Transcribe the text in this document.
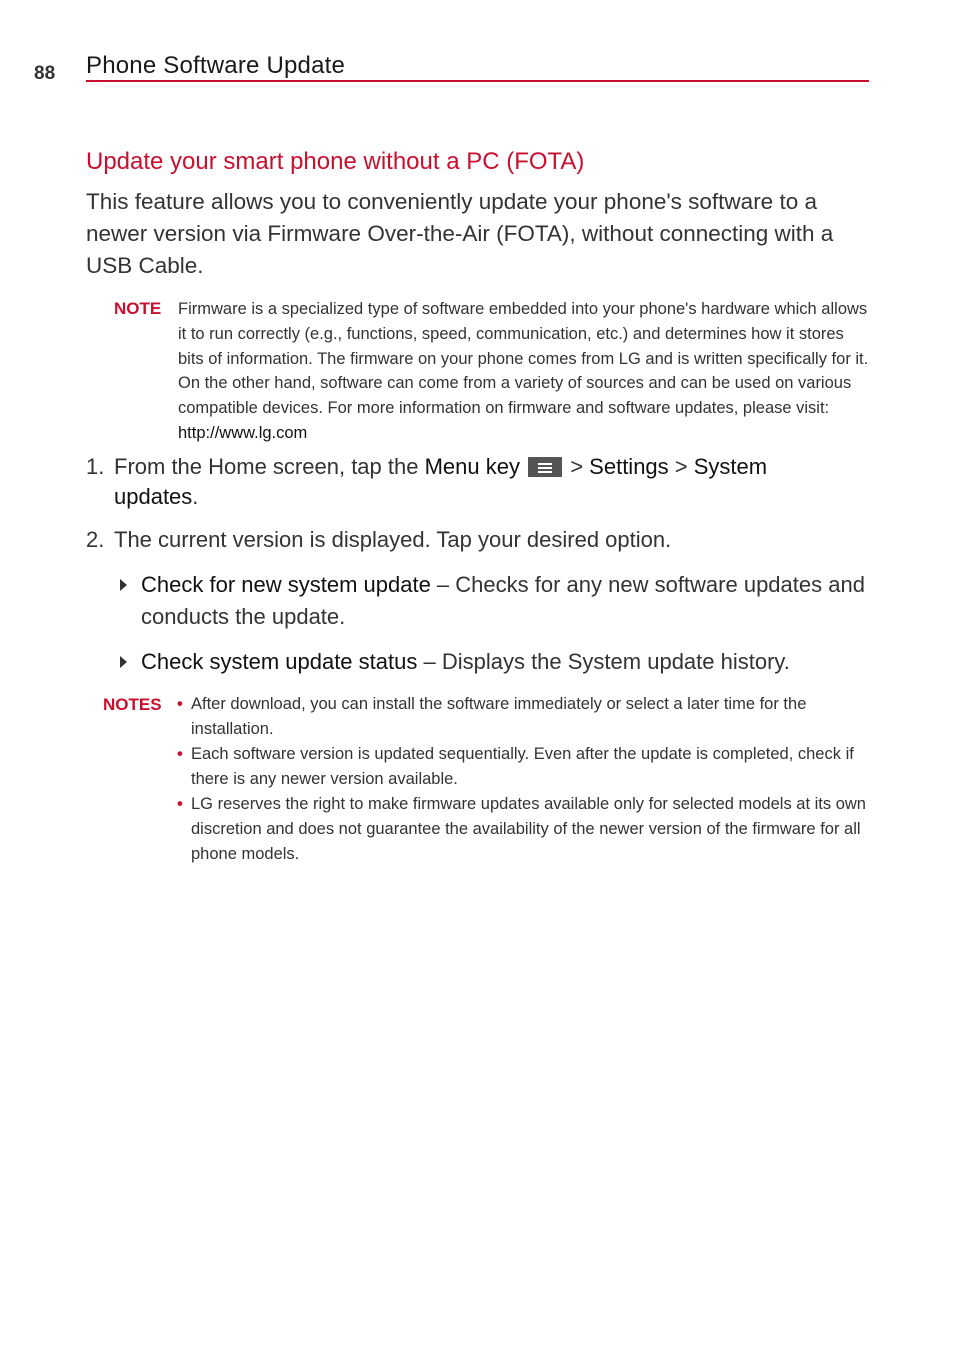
88 Phone Software Update
Update your smart phone without a PC (FOTA)

This feature allows you to conveniently update your phone's software to a newer version via Firmware Over-the-Air (FOTA), without connecting with a USB Cable.

NOTE Firmware is a specialized type of software embedded into your phone's hardware which allows it to run correctly (e.g., functions, speed, communication, etc.) and determines how it stores bits of information. The firmware on your phone comes from LG and is written specifically for it. On the other hand, software can come from a variety of sources and can be used on various compatible devices. For more information on firmware and software updates, please visit: http://www.lg.com

1. From the Home screen, tap the Menu key
> Settings > System updates.
2. The current version is displayed. Tap your desired option.
Check for new system update – Checks for any new software updates and conducts the update.
Check system update status – Displays the System update history.
NOTES • After download, you can install the software immediately or select a later time for the installation.
• Each software version is updated sequentially. Even after the update is completed, check if there is any newer version available.
• LG reserves the right to make firmware updates available only for selected models at its own discretion and does not guarantee the availability of the newer version of the firmware for all phone models.
